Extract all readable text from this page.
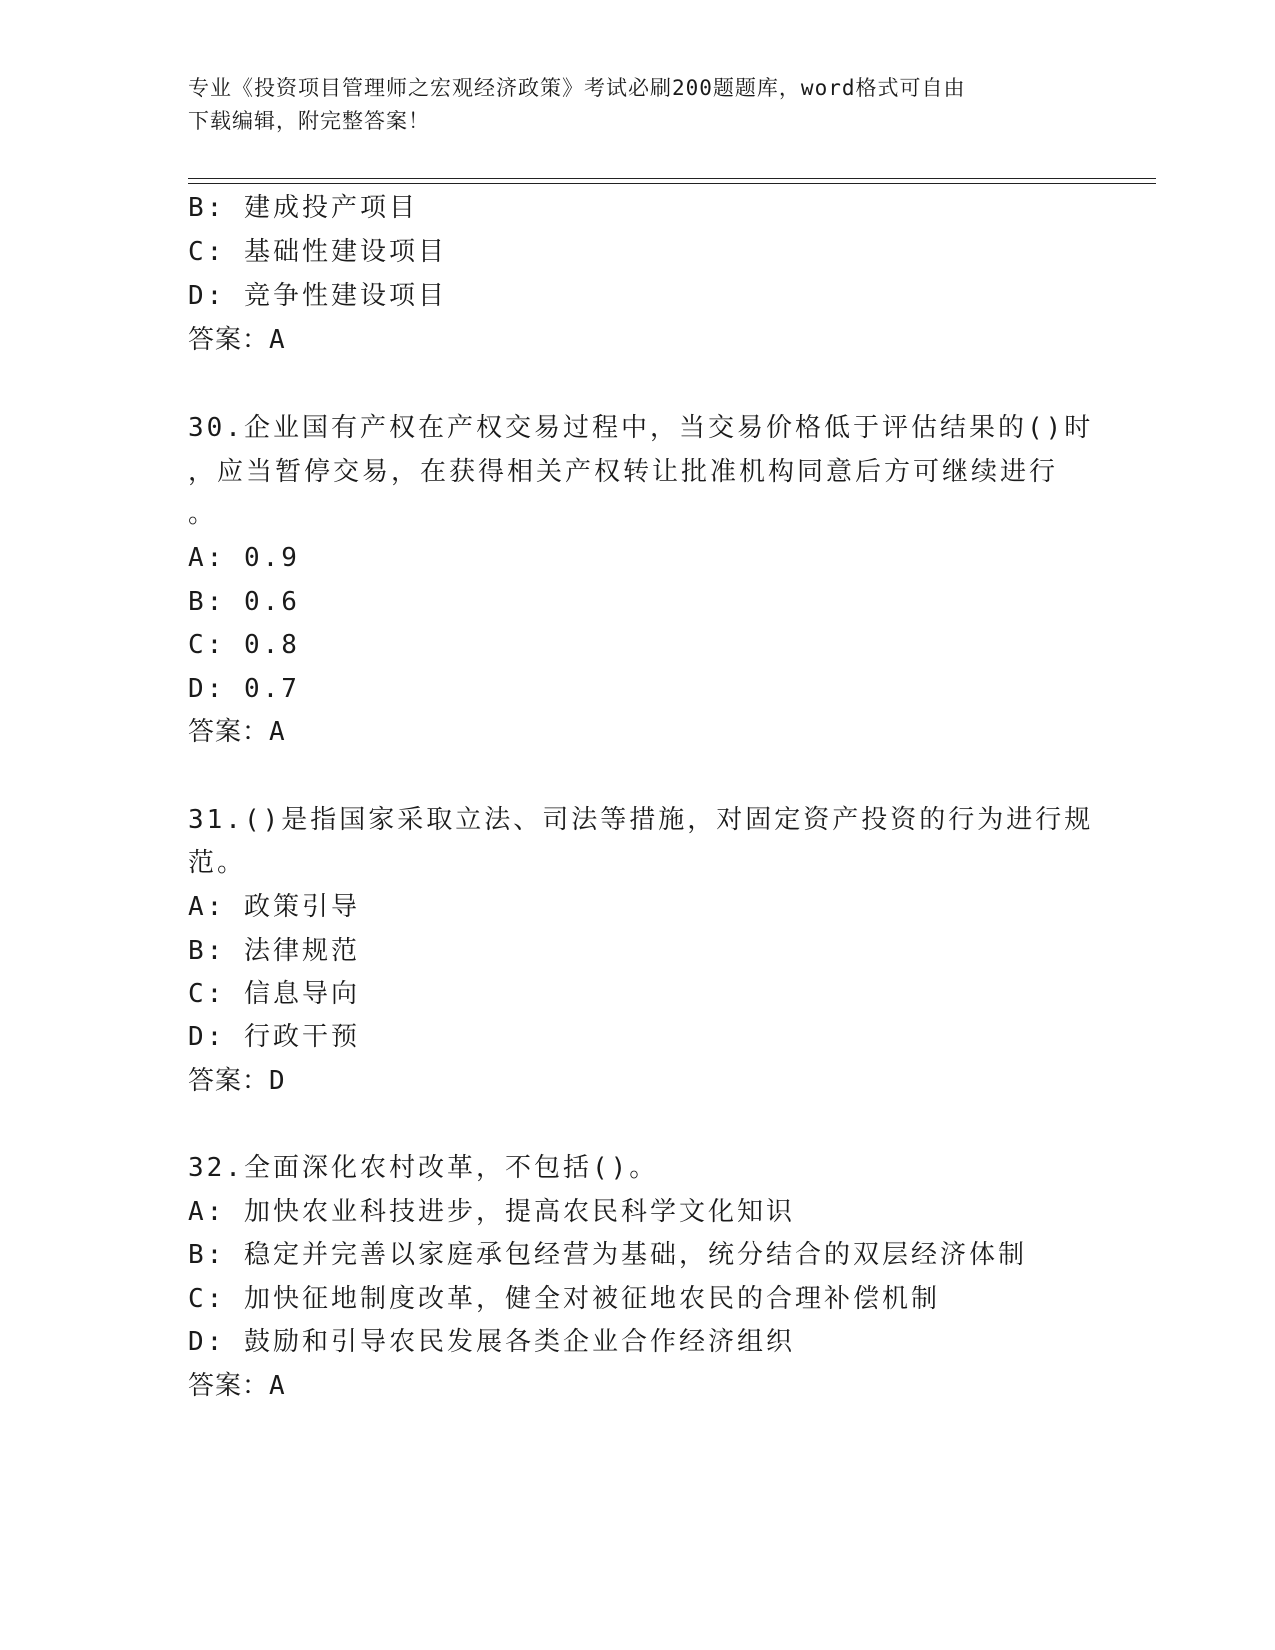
专业《投资项目管理师之宏观经济政策》考试必刷200题题库，word格式可自由
下载编辑，附完整答案！
B: 建成投产项目
C: 基础性建设项目
D: 竞争性建设项目
答案：A
30.企业国有产权在产权交易过程中，当交易价格低于评估结果的()时
，应当暂停交易，在获得相关产权转让批准机构同意后方可继续进行
。
A: 0.9
B: 0.6
C: 0.8
D: 0.7
答案：A
31.()是指国家采取立法、司法等措施，对固定资产投资的行为进行规
范。
A: 政策引导
B: 法律规范
C: 信息导向
D: 行政干预
答案：D
32.全面深化农村改革，不包括()。
A: 加快农业科技进步，提高农民科学文化知识
B: 稳定并完善以家庭承包经营为基础，统分结合的双层经济体制
C: 加快征地制度改革，健全对被征地农民的合理补偿机制
D: 鼓励和引导农民发展各类企业合作经济组织
答案：A
